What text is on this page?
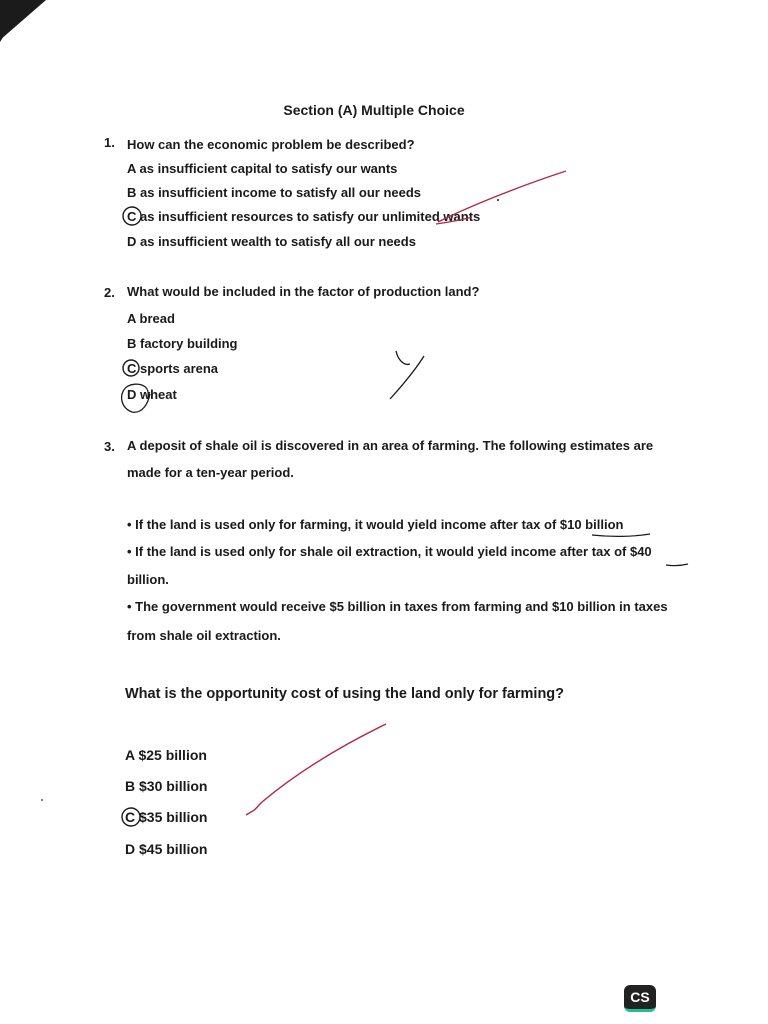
Section (A) Multiple Choice
1. How can the economic problem be described?
A as insufficient capital to satisfy our wants
B as insufficient income to satisfy all our needs
C as insufficient resources to satisfy our unlimited wants
D as insufficient wealth to satisfy all our needs
2. What would be included in the factor of production land?
A bread
B factory building
C sports arena
D wheat
3. A deposit of shale oil is discovered in an area of farming. The following estimates are
made for a ten-year period.
• If the land is used only for farming, it would yield income after tax of $10 billion
• If the land is used only for shale oil extraction, it would yield income after tax of $40
billion.
• The government would receive $5 billion in taxes from farming and $10 billion in taxes
from shale oil extraction.
What is the opportunity cost of using the land only for farming?
A $25 billion
B $30 billion
C $35 billion
D $45 billion
CS
